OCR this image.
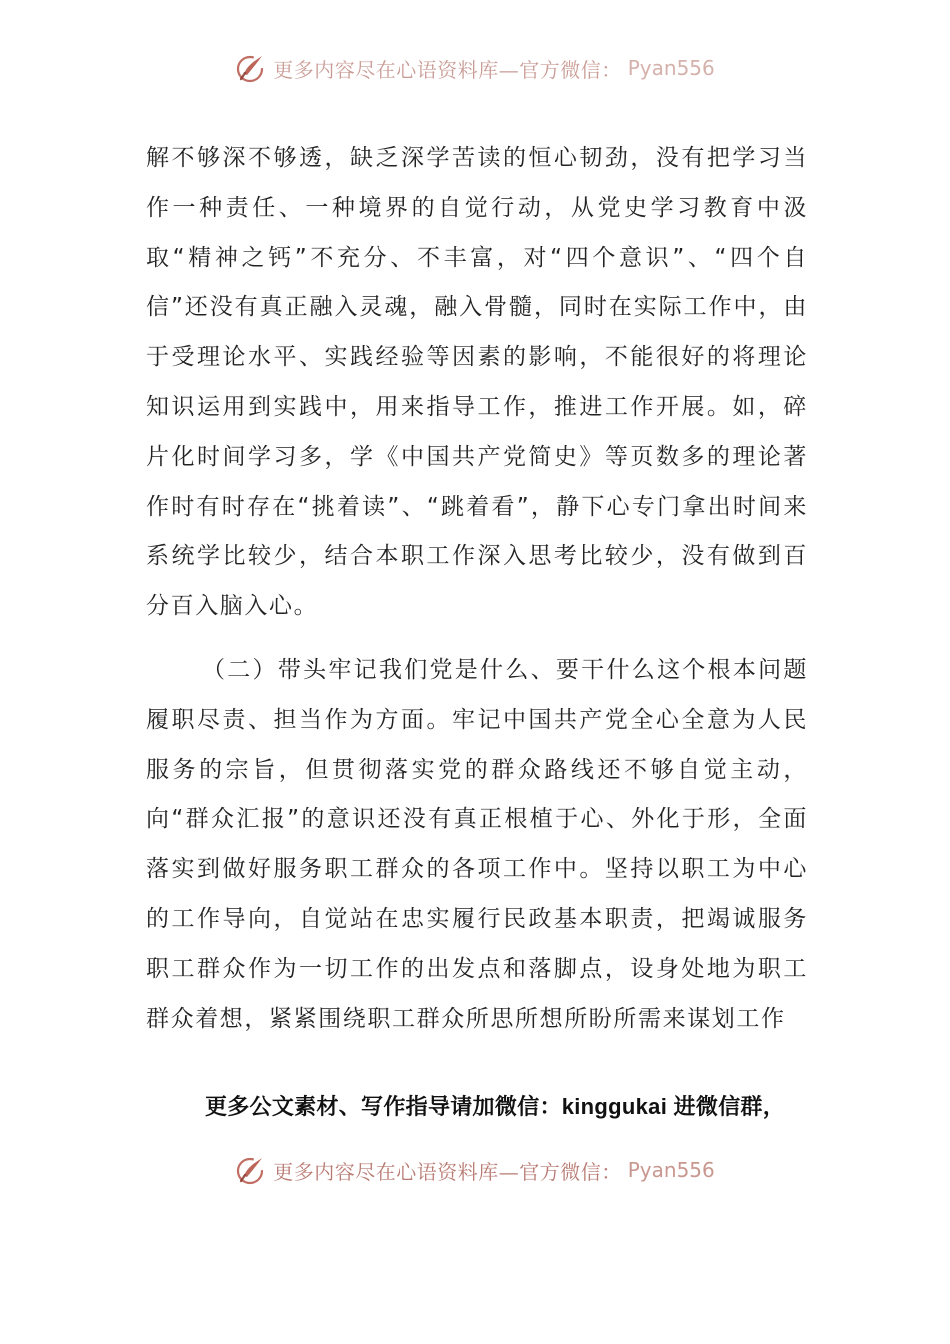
更多内容尽在心语资料库—官方微信： Pyan556

解不够深不够透，缺乏深学苦读的恒心韧劲，没有把学习当作一种责任、一种境界的自觉行动，从党史学习教育中汲取“精神之钙”不充分、不丰富，对“四个意识”、“四个自信”还没有真正融入灵魂，融入骨髓，同时在实际工作中，由于受理论水平、实践经验等因素的影响，不能很好的将理论知识运用到实践中，用来指导工作，推进工作开展。如，碎片化时间学习多，学《中国共产党简史》等页数多的理论著作时有时存在“挑着读”、“跳着看”，静下心专门拿出时间来系统学比较少，结合本职工作深入思考比较少，没有做到百分百入脑入心。

（二）带头牢记我们党是什么、要干什么这个根本问题履职尽责、担当作为方面。牢记中国共产党全心全意为人民服务的宗旨，但贯彻落实党的群众路线还不够自觉主动，向“群众汇报”的意识还没有真正根植于心、外化于形，全面落实到做好服务职工群众的各项工作中。坚持以职工为中心的工作导向，自觉站在忠实履行民政基本职责，把竭诚服务职工群众作为一切工作的出发点和落脚点，设身处地为职工群众着想，紧紧围绕职工群众所思所想所盼所需来谋划工作

更多公文素材、写作指导请加微信：kinggukai 进微信群，
更多内容尽在心语资料库—官方微信： Pyan556
